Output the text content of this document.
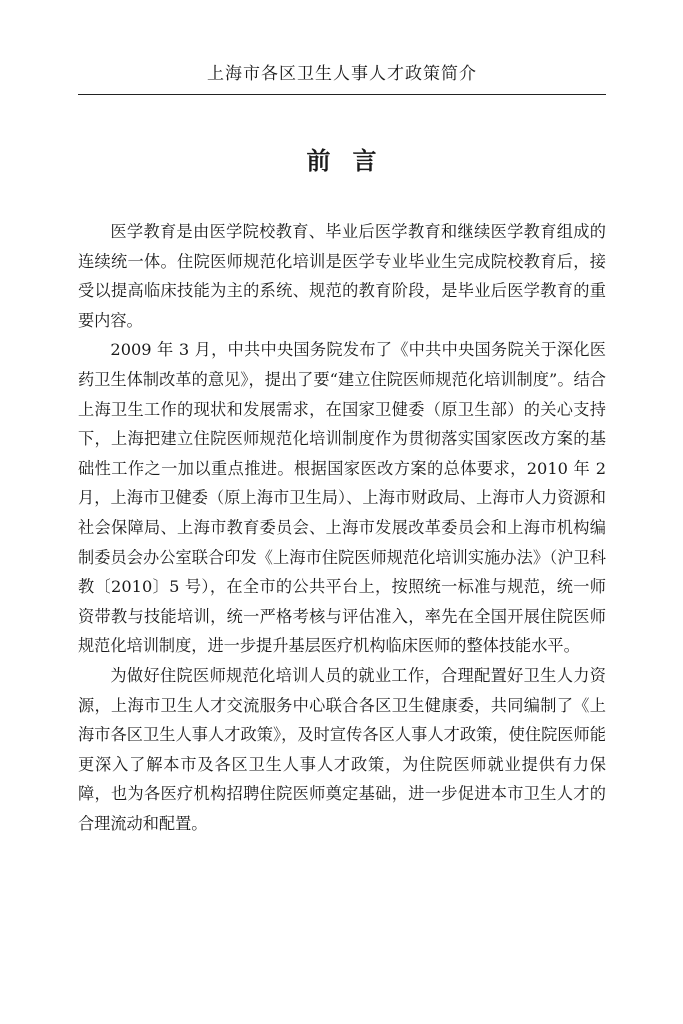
上海市各区卫生人事人才政策简介
前言

医学教育是由医学院校教育、毕业后医学教育和继续医学教育组成的连续统一体。住院医师规范化培训是医学专业毕业生完成院校教育后，接受以提高临床技能为主的系统、规范的教育阶段，是毕业后医学教育的重要内容。

2009 年 3 月，中共中央国务院发布了《中共中央国务院关于深化医药卫生体制改革的意见》，提出了要“建立住院医师规范化培训制度”。结合上海卫生工作的现状和发展需求，在国家卫健委（原卫生部）的关心支持下，上海把建立住院医师规范化培训制度作为贯彻落实国家医改方案的基础性工作之一加以重点推进。根据国家医改方案的总体要求，2010 年 2 月，上海市卫健委（原上海市卫生局）、上海市财政局、上海市人力资源和社会保障局、上海市教育委员会、上海市发展改革委员会和上海市机构编制委员会办公室联合印发《上海市住院医师规范化培训实施办法》（沪卫科教〔2010〕5 号），在全市的公共平台上，按照统一标准与规范，统一师资带教与技能培训，统一严格考核与评估准入，率先在全国开展住院医师规范化培训制度，进一步提升基层医疗机构临床医师的整体技能水平。

为做好住院医师规范化培训人员的就业工作，合理配置好卫生人力资源，上海市卫生人才交流服务中心联合各区卫生健康委，共同编制了《上海市各区卫生人事人才政策》，及时宣传各区人事人才政策，使住院医师能更深入了解本市及各区卫生人事人才政策，为住院医师就业提供有力保障，也为各医疗机构招聘住院医师奠定基础，进一步促进本市卫生人才的合理流动和配置。
